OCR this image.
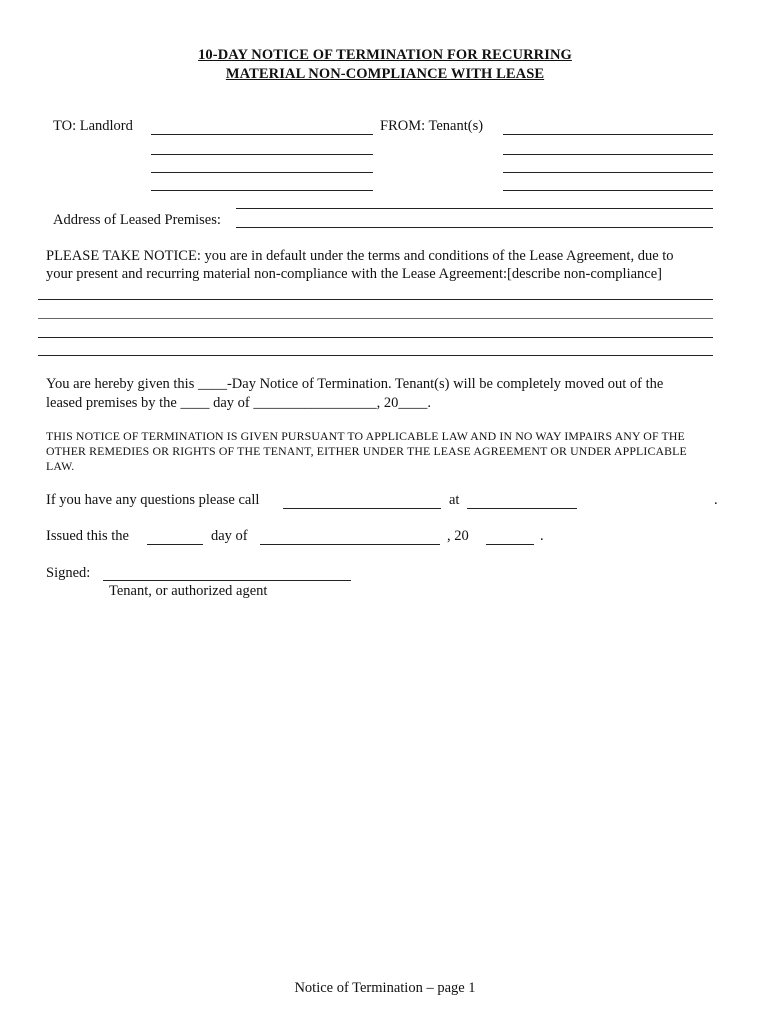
10-DAY NOTICE OF TERMINATION FOR RECURRING
MATERIAL NON-COMPLIANCE WITH LEASE
TO: Landlord	FROM: Tenant(s)
Address of Leased Premises:
PLEASE TAKE NOTICE: you are in default under the terms and conditions of the Lease Agreement, due to
your present and recurring material non-compliance with the Lease Agreement:[describe non-compliance]
You are hereby given this ____-Day Notice of Termination. Tenant(s) will be completely moved out of the
leased premises by the ____ day of _________________, 20____.
THIS NOTICE OF TERMINATION IS GIVEN PURSUANT TO APPLICABLE LAW AND IN NO WAY IMPAIRS ANY OF THE
OTHER REMEDIES OR RIGHTS OF THE TENANT, EITHER UNDER THE LEASE AGREEMENT OR UNDER APPLICABLE
LAW.
If you have any questions please call	at	.
Issued this the	day of	, 20	.
Signed:
Tenant, or authorized agent
Notice of Termination – page 1
